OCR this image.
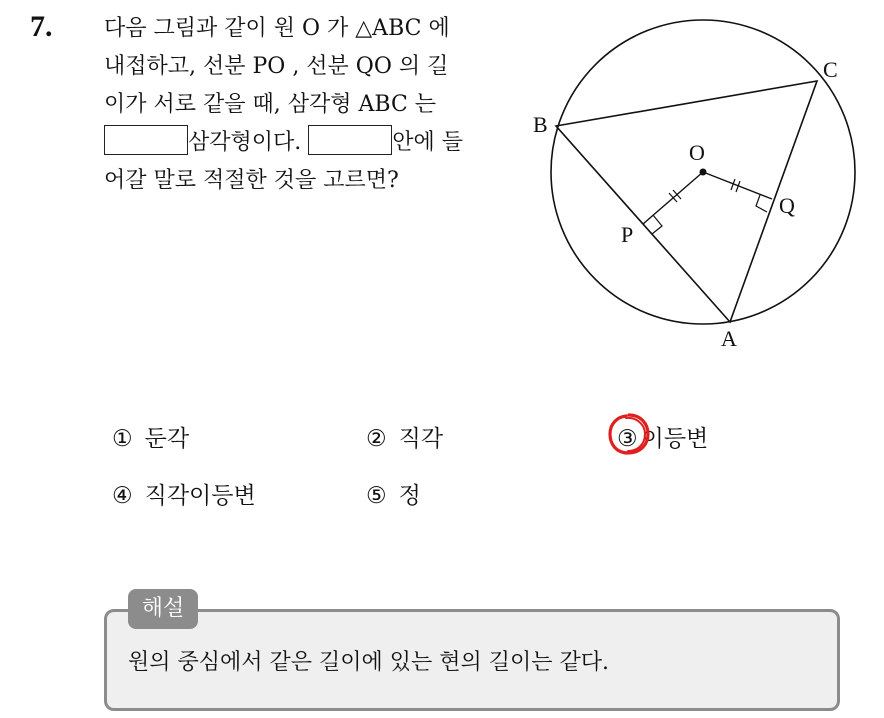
7. 다음 그림과 같이 원 O 가 △ABC 에
내접하고, 선분 PO , 선분 QO 의 길
이가 서로 같을 때, 삼각형 ABC 는
삼각형이다.	안에 들
어갈 말로 적절한 것을 고르면?
O
B
C
P
Q
A
① 둔각	② 직각	③ 이등변
④ 직각이등변	⑤ 정
해설
원의 중심에서 같은 길이에 있는 현의 길이는 같다.
